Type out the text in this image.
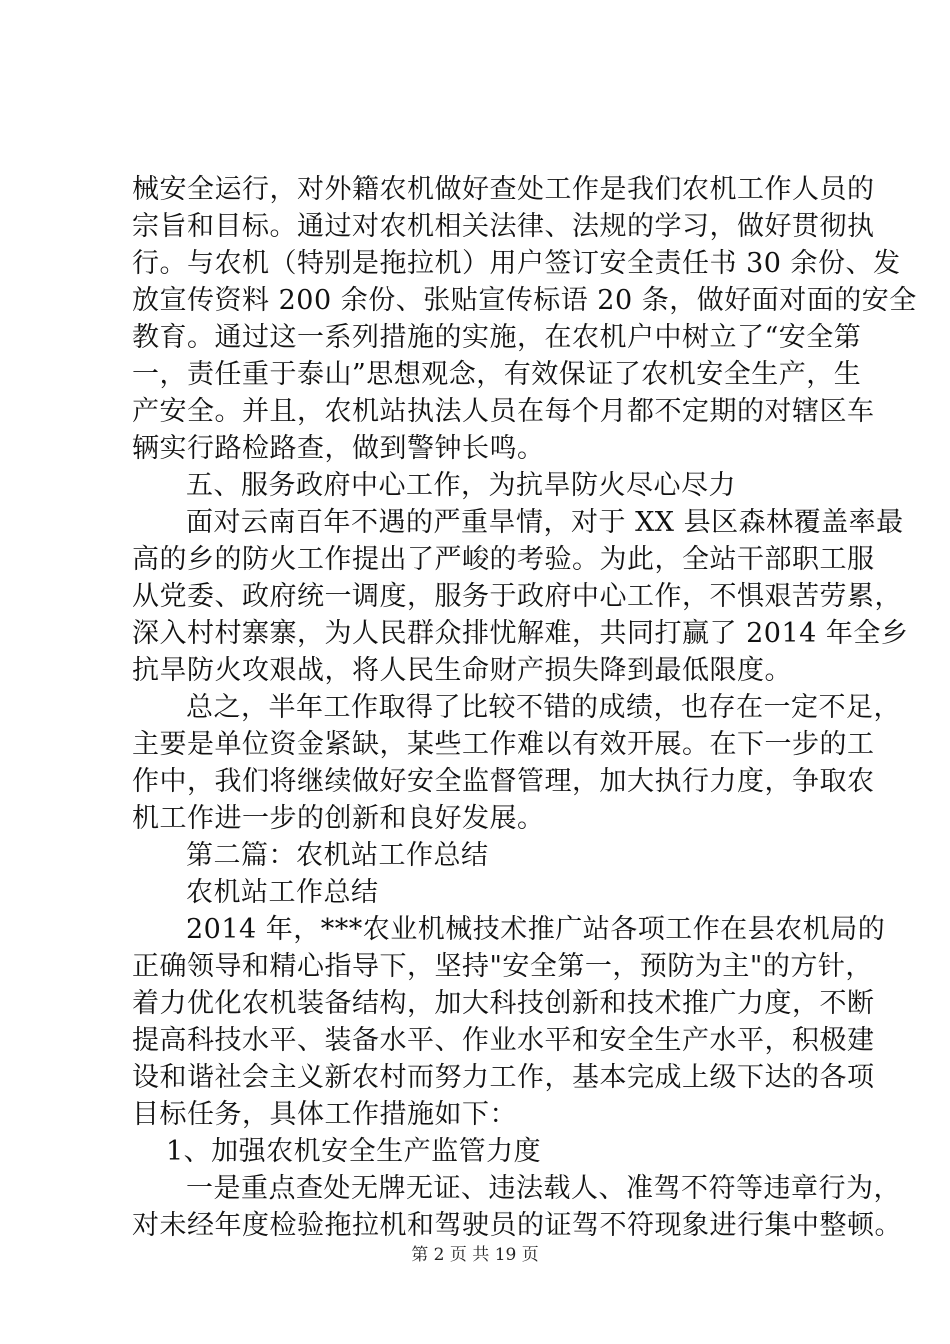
械安全运行，对外籍农机做好查处工作是我们农机工作人员的
宗旨和目标。通过对农机相关法律、法规的学习，做好贯彻执
行。与农机（特别是拖拉机）用户签订安全责任书 30 余份、发
放宣传资料 200 余份、张贴宣传标语 20 条，做好面对面的安全
教育。通过这一系列措施的实施，在农机户中树立了“安全第
一，责任重于泰山”思想观念，有效保证了农机安全生产，生
产安全。并且，农机站执法人员在每个月都不定期的对辖区车
辆实行路检路查，做到警钟长鸣。
五、服务政府中心工作，为抗旱防火尽心尽力
面对云南百年不遇的严重旱情，对于 XX 县区森林覆盖率最
高的乡的防火工作提出了严峻的考验。为此，全站干部职工服
从党委、政府统一调度，服务于政府中心工作，不惧艰苦劳累，
深入村村寨寨，为人民群众排忧解难，共同打赢了 2014 年全乡
抗旱防火攻艰战，将人民生命财产损失降到最低限度。
总之，半年工作取得了比较不错的成绩，也存在一定不足，
主要是单位资金紧缺，某些工作难以有效开展。在下一步的工
作中，我们将继续做好安全监督管理，加大执行力度，争取农
机工作进一步的创新和良好发展。
第二篇：农机站工作总结
农机站工作总结
2014 年，***农业机械技术推广站各项工作在县农机局的
正确领导和精心指导下，坚持"安全第一，预防为主"的方针，
着力优化农机装备结构，加大科技创新和技术推广力度，不断
提高科技水平、装备水平、作业水平和安全生产水平，积极建
设和谐社会主义新农村而努力工作，基本完成上级下达的各项
目标任务，具体工作措施如下：
1、加强农机安全生产监管力度
一是重点查处无牌无证、违法载人、准驾不符等违章行为，
对未经年度检验拖拉机和驾驶员的证驾不符现象进行集中整顿。
第 2 页 共 19 页
